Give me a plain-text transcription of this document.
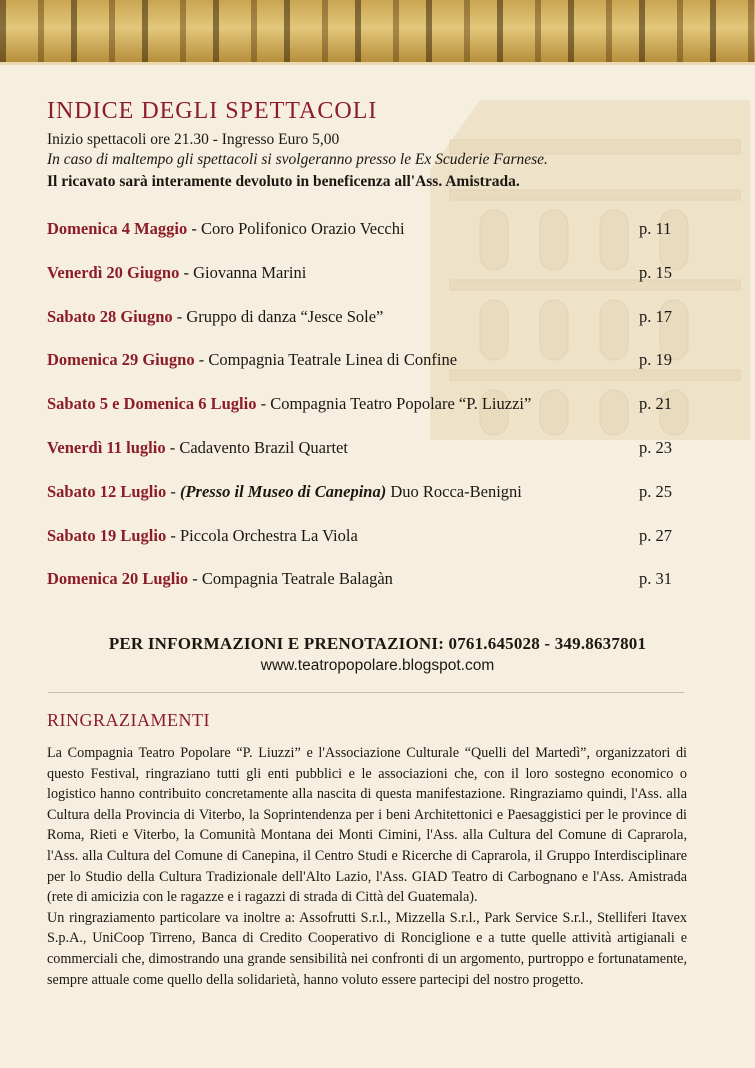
INDICE DEGLI SPETTACOLI
Inizio spettacoli ore 21.30 - Ingresso Euro 5,00
In caso di maltempo gli spettacoli si svolgeranno presso le Ex Scuderie Farnese.
Il ricavato sarà interamente devoluto in beneficenza all'Ass. Amistrada.
Domenica 4 Maggio - Coro Polifonico Orazio Vecchi	p. 11
Venerdì 20 Giugno - Giovanna Marini	p. 15
Sabato 28 Giugno - Gruppo di danza “Jesce Sole”	p. 17
Domenica 29 Giugno - Compagnia Teatrale Linea di Confine	p. 19
Sabato 5 e Domenica 6 Luglio - Compagnia Teatro Popolare “P. Liuzzi”	p. 21
Venerdì 11 luglio - Cadavento Brazil Quartet	p. 23
Sabato 12 Luglio - (Presso il Museo di Canepina) Duo Rocca-Benigni	p. 25
Sabato 19 Luglio - Piccola Orchestra La Viola	p. 27
Domenica 20 Luglio - Compagnia Teatrale Balagàn	p. 31
PER INFORMAZIONI E PRENOTAZIONI: 0761.645028 - 349.8637801
www.teatropopolare.blogspot.com
RINGRAZIAMENTI

La Compagnia Teatro Popolare “P. Liuzzi” e l'Associazione Culturale “Quelli del Martedì”, organizzatori di questo Festival, ringraziano tutti gli enti pubblici e le associazioni che, con il loro sostegno economico o logistico hanno contribuito concretamente alla nascita di questa manifestazione. Ringraziamo quindi, l'Ass. alla Cultura della Provincia di Viterbo, la Soprintendenza per i beni Architettonici e Paesaggistici per le province di Roma, Rieti e Viterbo, la Comunità Montana dei Monti Cimini, l'Ass. alla Cultura del Comune di Caprarola, l'Ass. alla Cultura del Comune di Canepina, il Centro Studi e Ricerche di Caprarola, il Gruppo Interdisciplinare per lo Studio della Cultura Tradizionale dell'Alto Lazio, l'Ass. GIAD Teatro di Carbognano e l'Ass. Amistrada (rete di amicizia con le ragazze e i ragazzi di strada di Città del Guatemala).

Un ringraziamento particolare va inoltre a: Assofrutti S.r.l., Mizzella S.r.l., Park Service S.r.l., Stelliferi Itavex S.p.A., UniCoop Tirreno, Banca di Credito Cooperativo di Ronciglione e a tutte quelle attività artigianali e commerciali che, dimostrando una grande sensibilità nei confronti di un argomento, purtroppo e fortunatamente, sempre attuale come quello della solidarietà, hanno voluto essere partecipi del nostro progetto.
